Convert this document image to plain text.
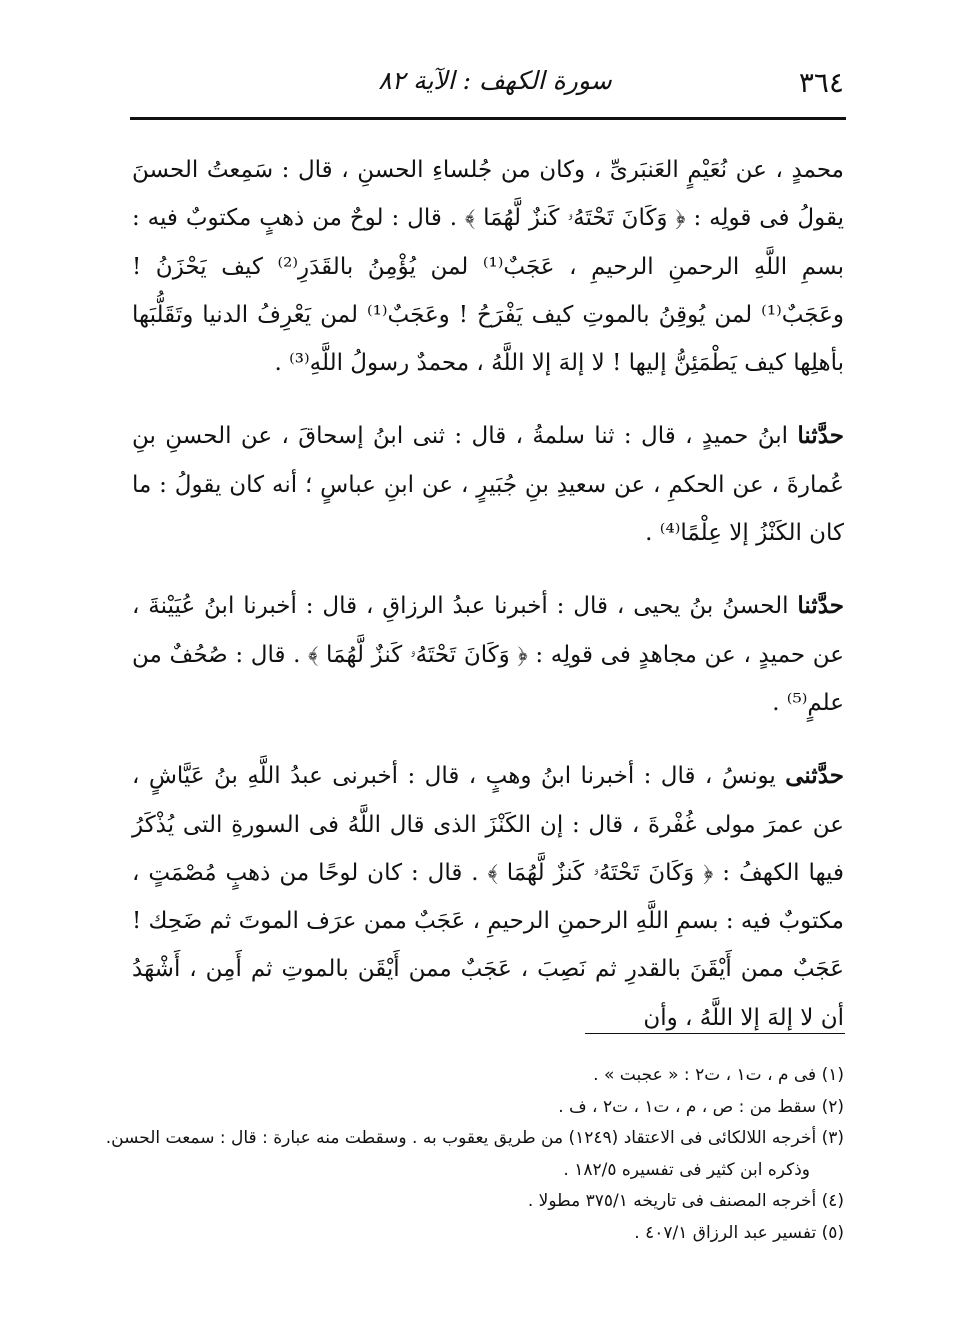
٣٦٤
سورة الكهف : الآية ٨٢

محمدٍ ، عن نُعَيْمٍ العَنبَرىِّ ، وكان من جُلساءِ الحسنِ ، قال : سَمِعتُ الحسنَ يقولُ فى قولِه : ﴿ وَكَانَ تَحْتَهُۥ كَنزٌ لَّهُمَا ﴾ . قال : لوحٌ من ذهبٍ مكتوبٌ فيه : بسمِ اللَّهِ الرحمنِ الرحيمِ ، عَجَبٌ⁽¹⁾ لمن يُؤْمِنُ بالقَدَرِ⁽²⁾ كيف يَحْزَنُ ! وعَجَبٌ⁽¹⁾ لمن يُوقِنُ بالموتِ كيف يَفْرَحُ ! وعَجَبٌ⁽¹⁾ لمن يَعْرِفُ الدنيا وتَقَلُّبَها بأهلِها كيف يَطْمَئِنُّ إليها ! لا إلهَ إلا اللَّهُ ، محمدٌ رسولُ اللَّهِ⁽³⁾ .

حدَّثنا ابنُ حميدٍ ، قال : ثنا سلمةُ ، قال : ثنى ابنُ إسحاقَ ، عن الحسنِ بنِ عُمارةَ ، عن الحكمِ ، عن سعيدِ بنِ جُبَيرٍ ، عن ابنِ عباسٍ ؛ أنه كان يقولُ : ما كان الكَنْزُ إلا عِلْمًا⁽⁴⁾ .

حدَّثنا الحسنُ بنُ يحيى ، قال : أخبرنا عبدُ الرزاقِ ، قال : أخبرنا ابنُ عُيَيْنةَ ، عن حميدٍ ، عن مجاهدٍ فى قولِه : ﴿ وَكَانَ تَحْتَهُۥ كَنزٌ لَّهُمَا ﴾ . قال : صُحُفٌ من علمٍ⁽⁵⁾ .

حدَّثنى يونسُ ، قال : أخبرنا ابنُ وهبٍ ، قال : أخبرنى عبدُ اللَّهِ بنُ عَيَّاشٍ ، عن عمرَ مولى غُفْرةَ ، قال : إن الكَنْزَ الذى قال اللَّهُ فى السورةِ التى يُذْكَرُ فيها الكهفُ : ﴿ وَكَانَ تَحْتَهُۥ كَنزٌ لَّهُمَا ﴾ . قال : كان لوحًا من ذهبٍ مُصْمَتٍ ، مكتوبٌ فيه : بسمِ اللَّهِ الرحمنِ الرحيمِ ، عَجَبٌ ممن عرَف الموتَ ثم ضَحِك ! عَجَبٌ ممن أَيْقَنَ بالقدرِ ثم نَصِبَ ، عَجَبٌ ممن أَيْقَن بالموتِ ثم أَمِن ، أَشْهَدُ أن لا إلهَ إلا اللَّهُ ، وأن

(١) فى م ، ت١ ، ت٢ : « عجبت » .

(٢) سقط من : ص ، م ، ت١ ، ت٢ ، ف .

(٣) أخرجه اللالكائى فى الاعتقاد (١٢٤٩) من طريق يعقوب به . وسقطت منه عبارة : قال : سمعت الحسن.

وذكره ابن كثير فى تفسيره ١٨٢/٥ .

(٤) أخرجه المصنف فى تاريخه ٣٧٥/١ مطولا .

(٥) تفسير عبد الرزاق ٤٠٧/١ .
